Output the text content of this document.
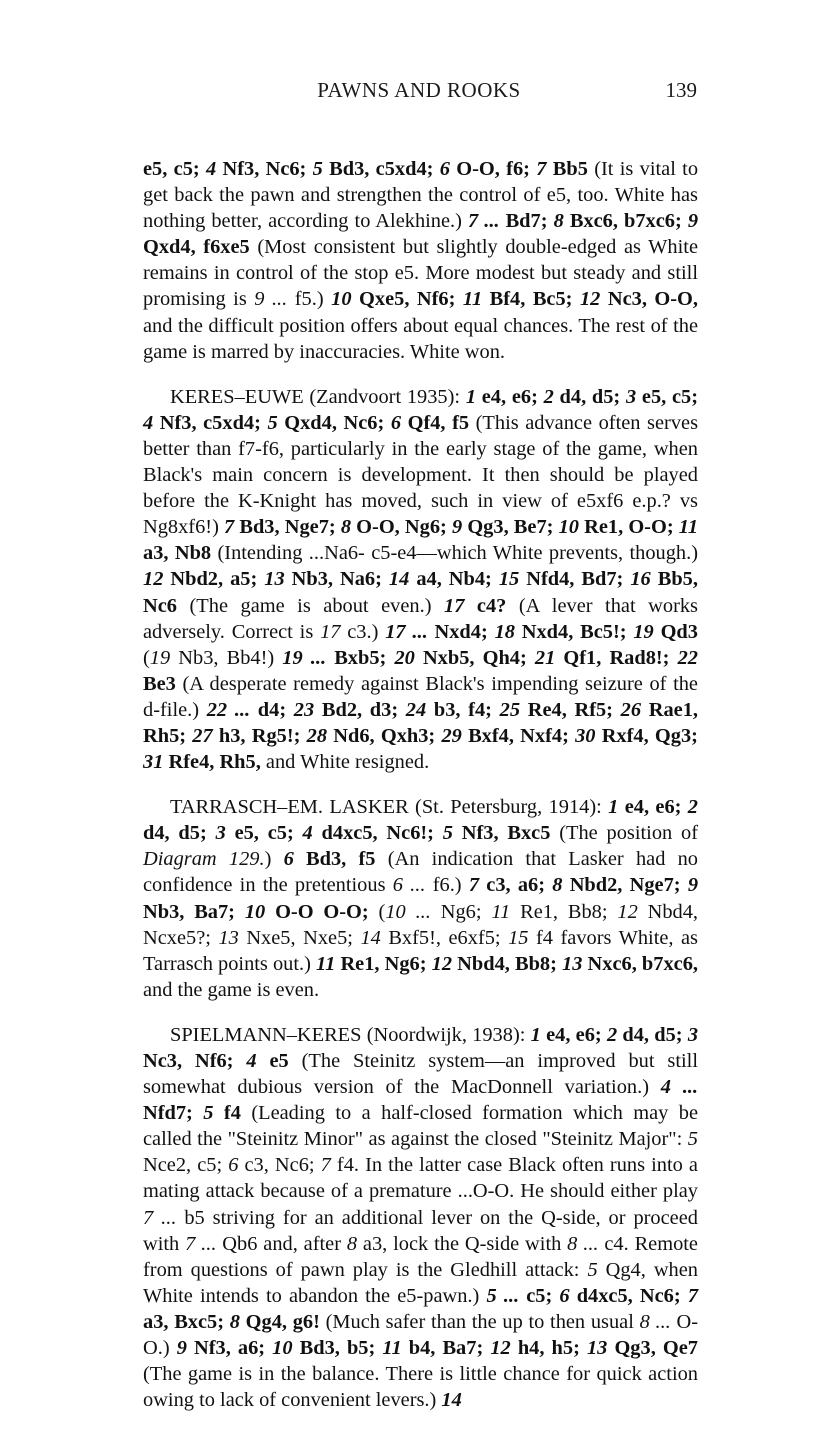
PAWNS AND ROOKS	139

e5, c5; 4 Nf3, Nc6; 5 Bd3, c5xd4; 6 O-O, f6; 7 Bb5 (It is vital to get back the pawn and strengthen the control of e5, too. White has nothing better, according to Alekhine.) 7 ... Bd7; 8 Bxc6, b7xc6; 9 Qxd4, f6xe5 (Most consistent but slightly double-edged as White remains in control of the stop e5. More modest but steady and still promising is 9 ... f5.) 10 Qxe5, Nf6; 11 Bf4, Bc5; 12 Nc3, O-O, and the difficult position offers about equal chances. The rest of the game is marred by inaccuracies. White won.

KERES–EUWE (Zandvoort 1935): 1 e4, e6; 2 d4, d5; 3 e5, c5; 4 Nf3, c5xd4; 5 Qxd4, Nc6; 6 Qf4, f5 (This advance often serves better than f7-f6, particularly in the early stage of the game, when Black's main concern is development. It then should be played before the K-Knight has moved, such in view of e5xf6 e.p.? vs Ng8xf6!) 7 Bd3, Nge7; 8 O-O, Ng6; 9 Qg3, Be7; 10 Re1, O-O; 11 a3, Nb8 (Intending ...Na6- c5-e4—which White prevents, though.) 12 Nbd2, a5; 13 Nb3, Na6; 14 a4, Nb4; 15 Nfd4, Bd7; 16 Bb5, Nc6 (The game is about even.) 17 c4? (A lever that works adversely. Correct is 17 c3.) 17 ... Nxd4; 18 Nxd4, Bc5!; 19 Qd3 (19 Nb3, Bb4!) 19 ... Bxb5; 20 Nxb5, Qh4; 21 Qf1, Rad8!; 22 Be3 (A desperate remedy against Black's impending seizure of the d-file.) 22 ... d4; 23 Bd2, d3; 24 b3, f4; 25 Re4, Rf5; 26 Rae1, Rh5; 27 h3, Rg5!; 28 Nd6, Qxh3; 29 Bxf4, Nxf4; 30 Rxf4, Qg3; 31 Rfe4, Rh5, and White resigned.

TARRASCH–EM. LASKER (St. Petersburg, 1914): 1 e4, e6; 2 d4, d5; 3 e5, c5; 4 d4xc5, Nc6!; 5 Nf3, Bxc5 (The position of Diagram 129.) 6 Bd3, f5 (An indication that Lasker had no confidence in the pretentious 6 ... f6.) 7 c3, a6; 8 Nbd2, Nge7; 9 Nb3, Ba7; 10 O-O O-O; (10 ... Ng6; 11 Re1, Bb8; 12 Nbd4, Ncxe5?; 13 Nxe5, Nxe5; 14 Bxf5!, e6xf5; 15 f4 favors White, as Tarrasch points out.) 11 Re1, Ng6; 12 Nbd4, Bb8; 13 Nxc6, b7xc6, and the game is even.

SPIELMANN–KERES (Noordwijk, 1938): 1 e4, e6; 2 d4, d5; 3 Nc3, Nf6; 4 e5 (The Steinitz system—an improved but still somewhat dubious version of the MacDonnell variation.) 4 ... Nfd7; 5 f4 (Leading to a half-closed formation which may be called the "Steinitz Minor" as against the closed "Steinitz Major": 5 Nce2, c5; 6 c3, Nc6; 7 f4. In the latter case Black often runs into a mating attack because of a premature ...O-O. He should either play 7 ... b5 striving for an additional lever on the Q-side, or proceed with 7 ... Qb6 and, after 8 a3, lock the Q-side with 8 ... c4. Remote from questions of pawn play is the Gledhill attack: 5 Qg4, when White intends to abandon the e5-pawn.) 5 ... c5; 6 d4xc5, Nc6; 7 a3, Bxc5; 8 Qg4, g6! (Much safer than the up to then usual 8 ... O-O.) 9 Nf3, a6; 10 Bd3, b5; 11 b4, Ba7; 12 h4, h5; 13 Qg3, Qe7 (The game is in the balance. There is little chance for quick action owing to lack of convenient levers.) 14
